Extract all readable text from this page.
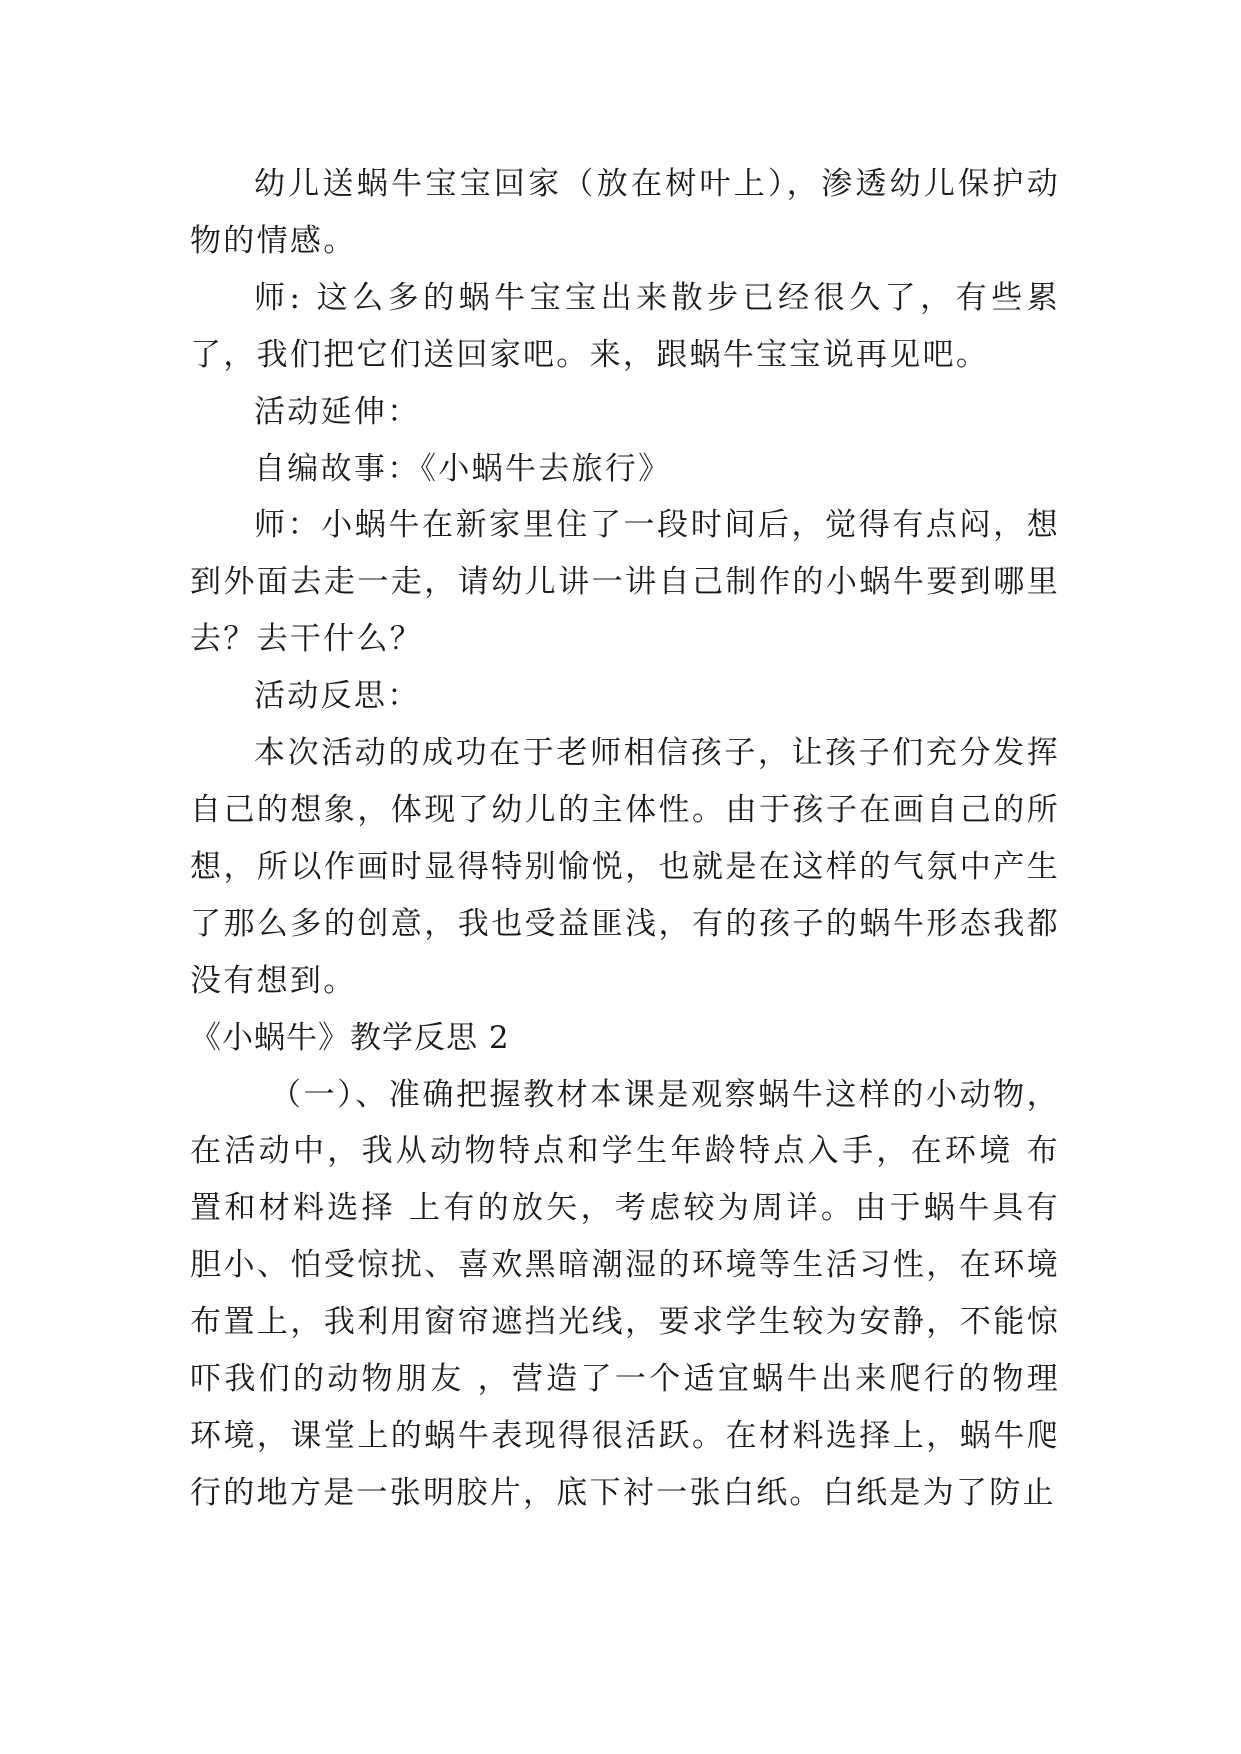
幼儿送蜗牛宝宝回家（放在树叶上），渗透幼儿保护动物的情感。

师: 这么多的蜗牛宝宝出来散步已经很久了，有些累了，我们把它们送回家吧。来，跟蜗牛宝宝说再见吧。

活动延伸：

自编故事：《小蜗牛去旅行》

师：小蜗牛在新家里住了一段时间后，觉得有点闷，想到外面去走一走，请幼儿讲一讲自己制作的小蜗牛要到哪里去？去干什么？

活动反思：

本次活动的成功在于老师相信孩子，让孩子们充分发挥自己的想象，体现了幼儿的主体性。由于孩子在画自己的所想，所以作画时显得特别愉悦，也就是在这样的气氛中产生了那么多的创意，我也受益匪浅，有的孩子的蜗牛形态我都没有想到。

《小蜗牛》教学反思 2

（一）、准确把握教材本课是观察蜗牛这样的小动物，在活动中，我从动物特点和学生年龄特点入手，在环境 布置和材料选择 上有的放矢，考虑较为周详。由于蜗牛具有胆小、怕受惊扰、喜欢黑暗潮湿的环境等生活习性，在环境布置上，我利用窗帘遮挡光线，要求学生较为安静，不能惊吓我们的动物朋友 ，营造了一个适宜蜗牛出来爬行的物理环境，课堂上的蜗牛表现得很活跃。在材料选择上，蜗牛爬行的地方是一张明胶片，底下衬一张白纸。白纸是为了防止
